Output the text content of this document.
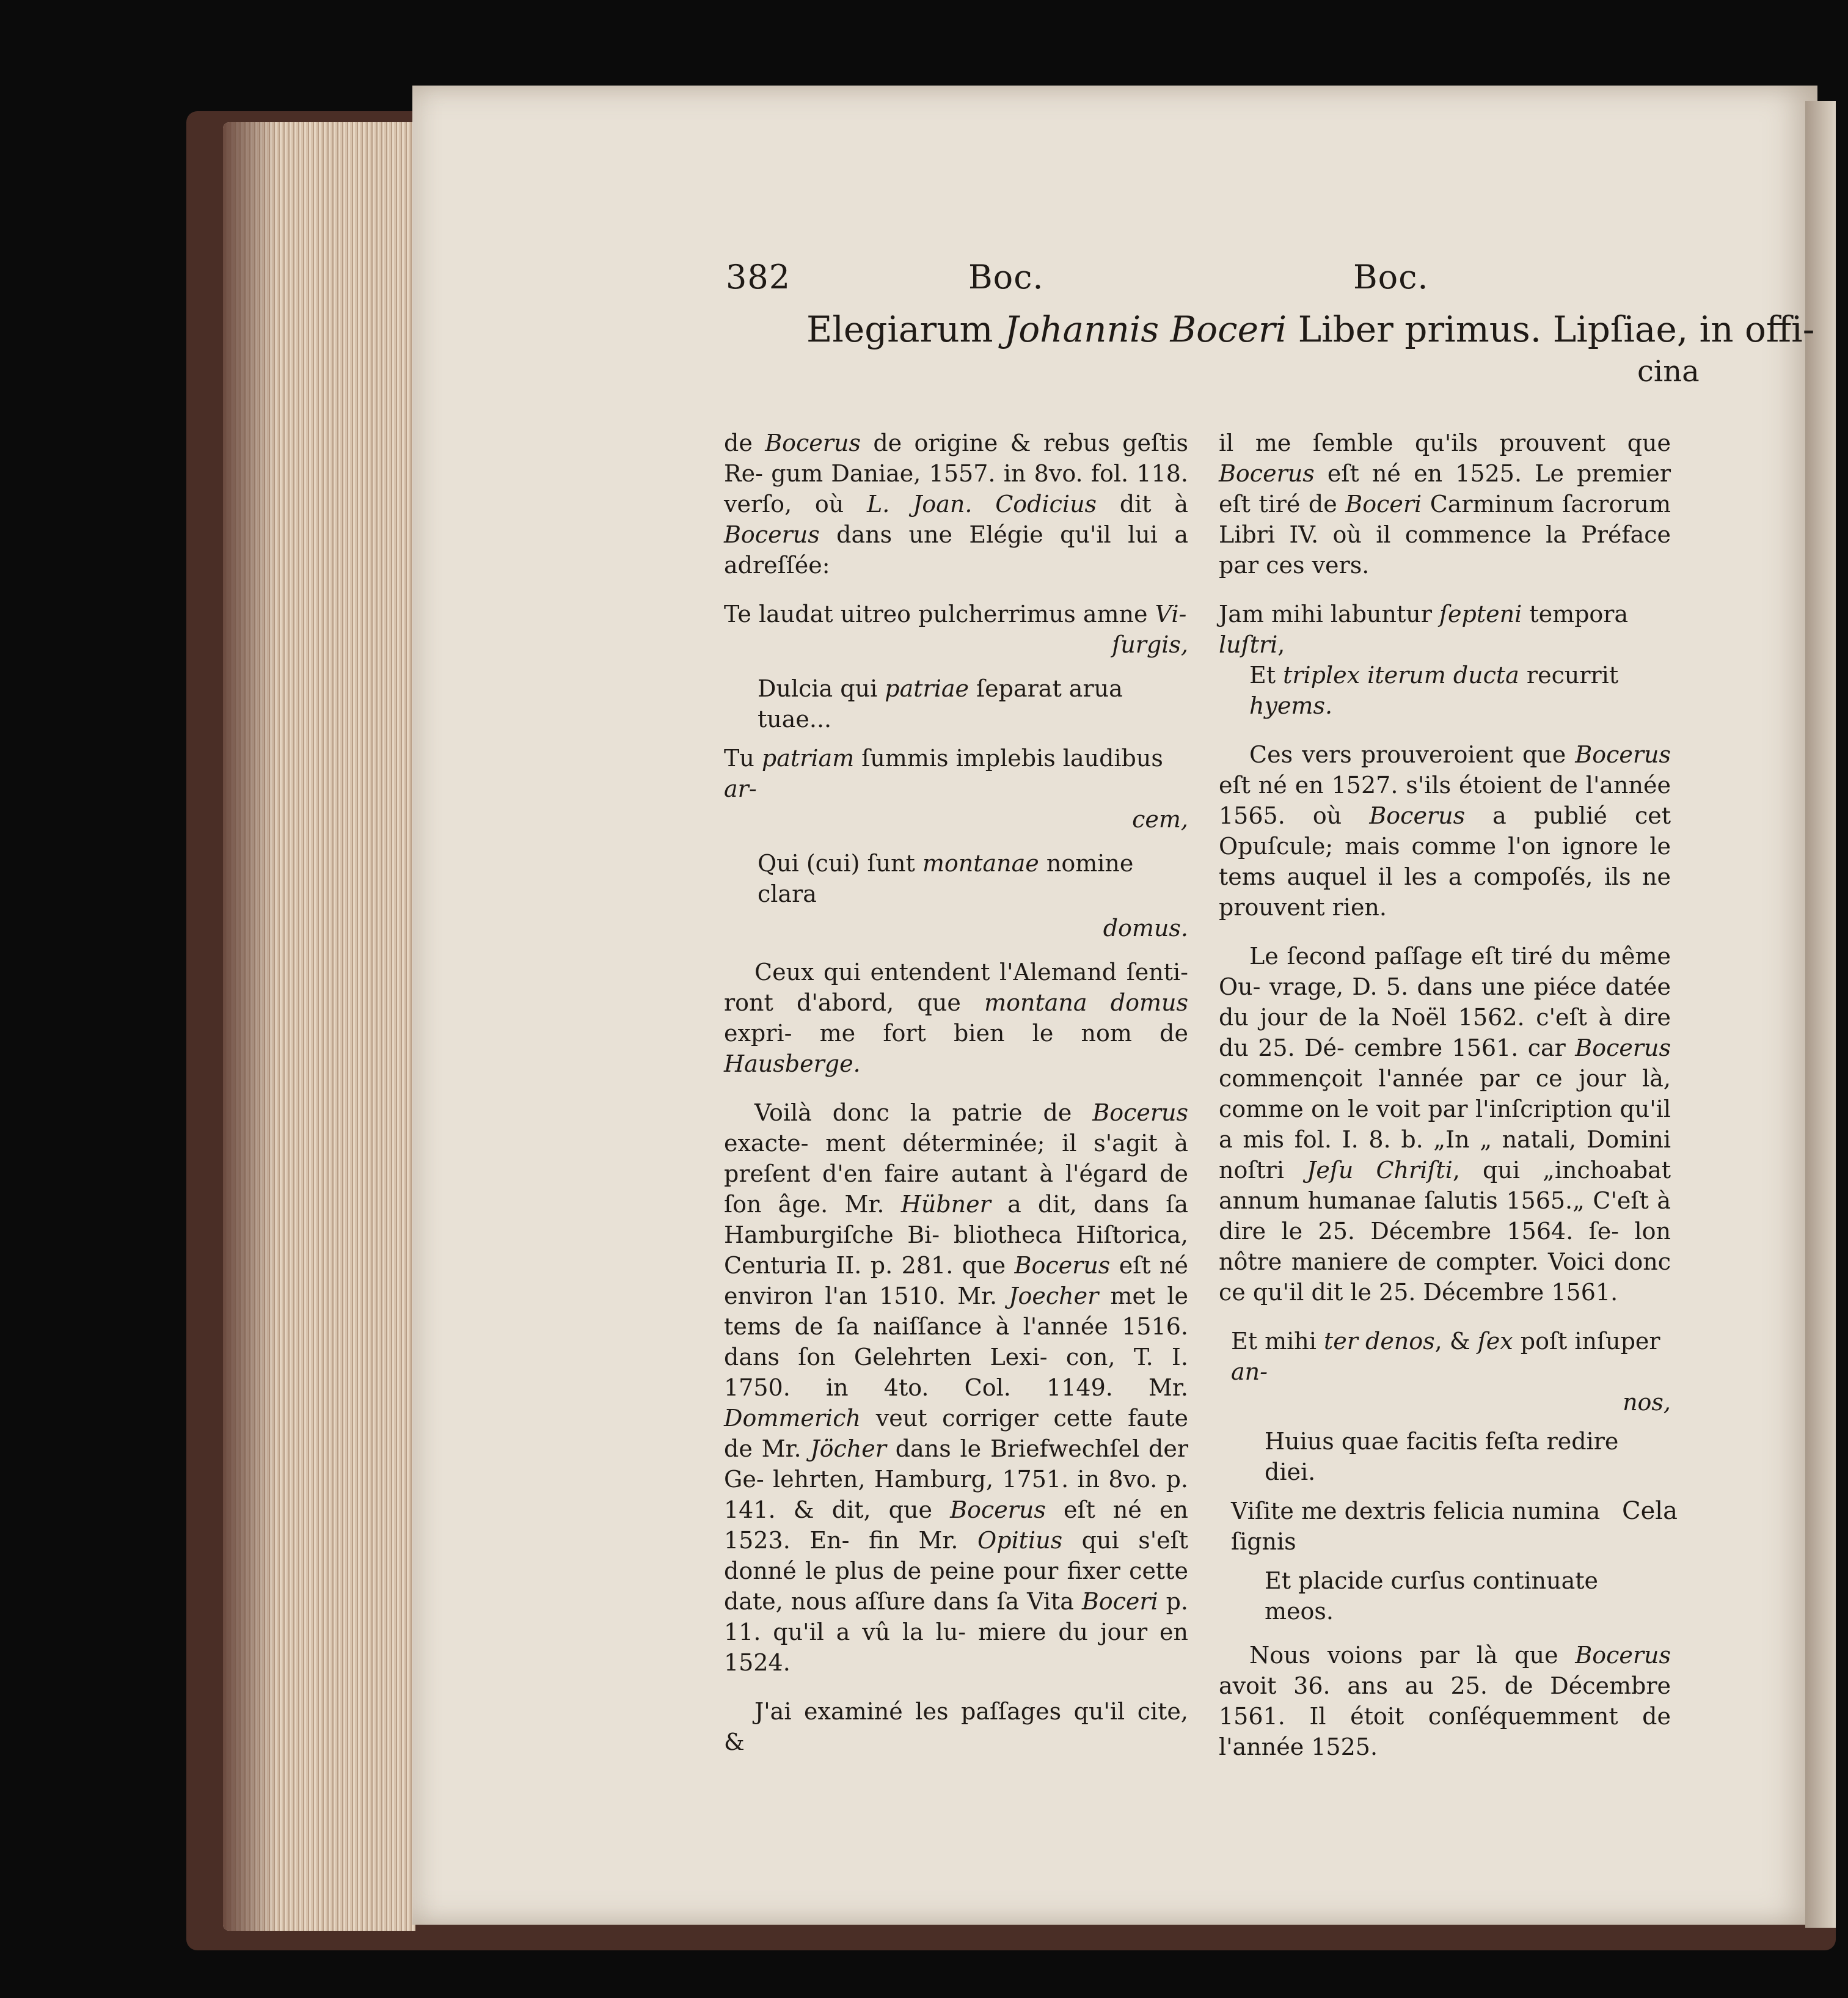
382	Boc.	Boc.
Elegiarum Johannis Boceri Liber primus. Lipſiae, in offi-
cina
de Bocerus de origine & rebus geſtis Re- gum Daniae, 1557. in 8vo. fol. 118. verſo, où L. Joan. Codicius dit à Bocerus dans une Elégie qu'il lui a adreſſée:
Te laudat uitreo pulcherrimus amne Vi-
ſurgis,
Dulcia qui patriae ſeparat arua tuae...
Tu patriam ſummis implebis laudibus ar-
cem,
Qui (cui) ſunt montanae nomine clara
domus.
Ceux qui entendent l'Alemand ſenti- ront d'abord, que montana domus expri- me fort bien le nom de Hausberge.
Voilà donc la patrie de Bocerus exacte- ment déterminée; il s'agit à preſent d'en faire autant à l'égard de ſon âge. Mr. Hübner a dit, dans ſa Hamburgiſche Bi- bliotheca Hiſtorica, Centuria II. p. 281. que Bocerus eſt né environ l'an 1510. Mr. Joecher met le tems de ſa naiſſance à l'année 1516. dans ſon Gelehrten Lexi- con, T. I. 1750. in 4to. Col. 1149. Mr. Dommerich veut corriger cette faute de Mr. Jöcher dans le Briefwechſel der Ge- lehrten, Hamburg, 1751. in 8vo. p. 141. & dit, que Bocerus eſt né en 1523. En- fin Mr. Opitius qui s'eſt donné le plus de peine pour fixer cette date, nous aſſure dans ſa Vita Boceri p. 11. qu'il a vû la lu- miere du jour en 1524.
J'ai examiné les paſſages qu'il cite, &
il me ſemble qu'ils prouvent que Bocerus eſt né en 1525. Le premier eſt tiré de Boceri Carminum ſacrorum Libri IV. où il commence la Préface par ces vers.
Jam mihi labuntur ſepteni tempora luſtri,
Et triplex iterum ducta recurrit hyems.
Ces vers prouveroient que Bocerus eſt né en 1527. s'ils étoient de l'année 1565. où Bocerus a publié cet Opuſcule; mais comme l'on ignore le tems auquel il les a compoſés, ils ne prouvent rien.
Le ſecond paſſage eſt tiré du même Ou- vrage, D. 5. dans une piéce datée du jour de la Noël 1562. c'eſt à dire du 25. Dé- cembre 1561. car Bocerus commençoit l'année par ce jour là, comme on le voit par l'inſcription qu'il a mis fol. I. 8. b. „In „ natali, Domini noſtri Jeſu Chriſti, qui „inchoabat annum humanae ſalutis 1565.„ C'eſt à dire le 25. Décembre 1564. ſe- lon nôtre maniere de compter. Voici donc ce qu'il dit le 25. Décembre 1561.
Et mihi ter denos, & ſex poſt inſuper an-
nos,
Huius quae facitis feſta redire diei.
Viſite me dextris felicia numina ſignis
Et placide curſus continuate meos.
Nous voions par là que Bocerus avoit 36. ans au 25. de Décembre 1561. Il étoit conſéquemment de l'année 1525.
Cela
